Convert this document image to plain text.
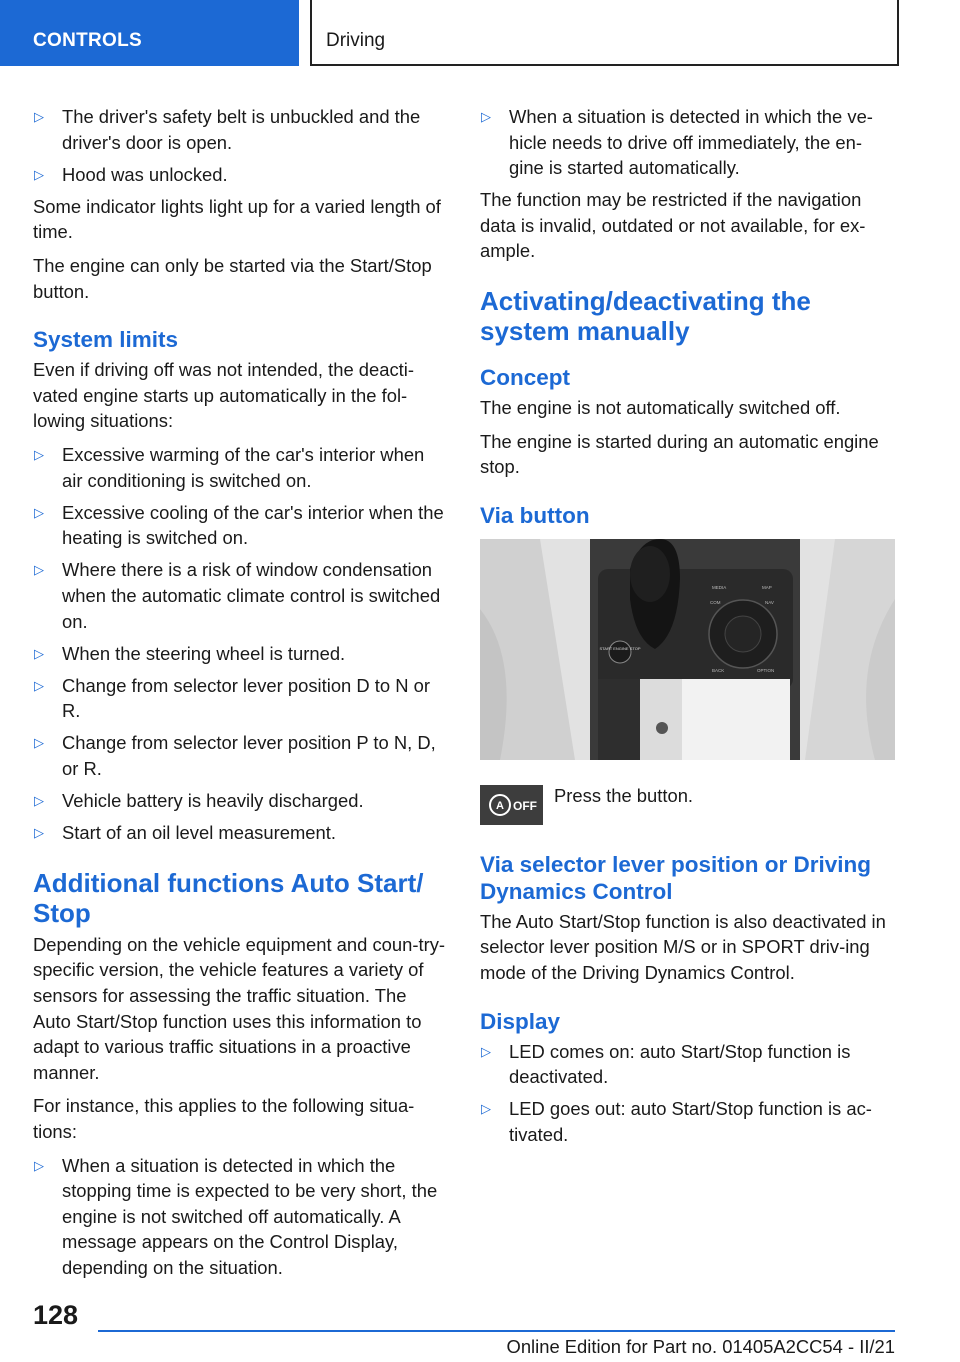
CONTROLS	Driving
▷ The driver's safety belt is unbuckled and the driver's door is open.
▷ Hood was unlocked.

Some indicator lights light up for a varied length of time.

The engine can only be started via the Start/Stop button.

System limits

Even if driving off was not intended, the deacti-vated engine starts up automatically in the fol-lowing situations:

▷ Excessive warming of the car's interior when air conditioning is switched on.
▷ Excessive cooling of the car's interior when the heating is switched on.
▷ Where there is a risk of window condensation when the automatic climate control is switched on.
▷ When the steering wheel is turned.
▷ Change from selector lever position D to N or R.
▷ Change from selector lever position P to N, D, or R.
▷ Vehicle battery is heavily discharged.
▷ Start of an oil level measurement.
Additional functions Auto Start/ Stop

Depending on the vehicle equipment and coun-try-specific version, the vehicle features a variety of sensors for assessing the traffic situation. The Auto Start/Stop function uses this information to adapt to various traffic situations in a proactive manner.

For instance, this applies to the following situa-tions:

▷ When a situation is detected in which the stopping time is expected to be very short, the engine is not switched off automatically. A message appears on the Control Display, depending on the situation.
▷ When a situation is detected in which the ve-hicle needs to drive off immediately, the en-gine is started automatically.

The function may be restricted if the navigation data is invalid, outdated or not available, for ex-ample.

Activating/deactivating the system manually
Concept

The engine is not automatically switched off.

The engine is started during an automatic engine stop.

Via button
START ENGINE STOP
MEDIA	MAP
COM	NAV
BACK	OPTION
A OFF Press the button.
Via selector lever position or Driving Dynamics Control

The Auto Start/Stop function is also deactivated in selector lever position M/S or in SPORT driv-ing mode of the Driving Dynamics Control.

Display
▷ LED comes on: auto Start/Stop function is deactivated.
▷ LED goes out: auto Start/Stop function is ac-tivated.
128
Online Edition for Part no. 01405A2CC54 - II/21
